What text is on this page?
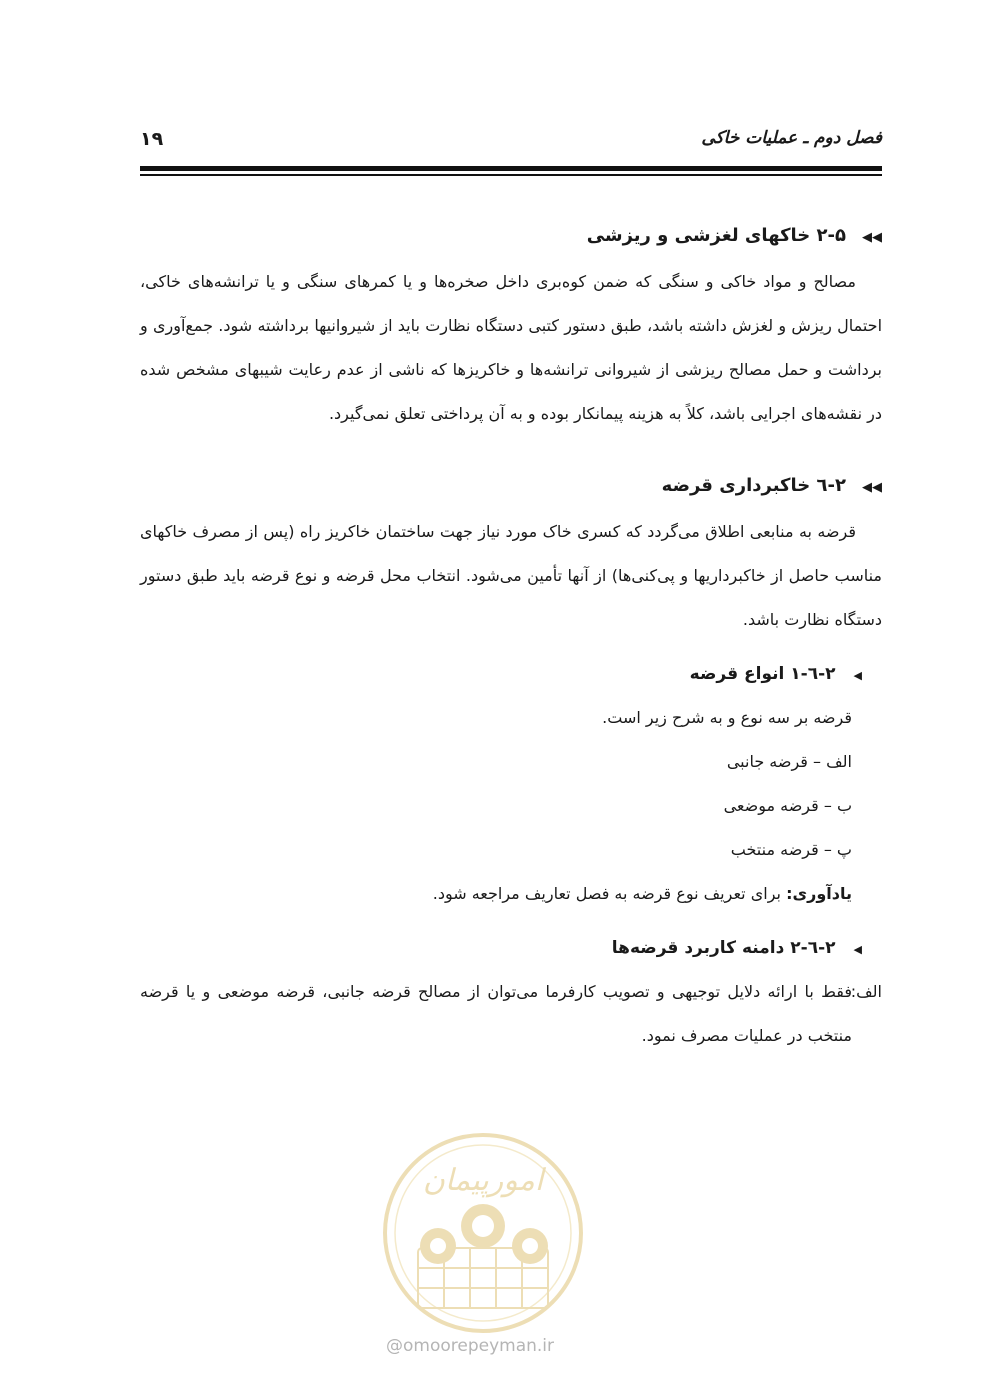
فصل دوم ـ عملیات خاکی
۱۹
◀◀۲-۵ خاکهای لغزشی و ریزشی

مصالح و مواد خاکی و سنگی که ضمن کوه‌بری داخل صخره‌ها و یا کمرهای سنگی و یا ترانشه‌های خاکی، احتمال ریزش و لغزش داشته باشد، طبق دستور کتبی دستگاه نظارت باید از شیروانیها برداشته شود. جمع‌آوری و برداشت و حمل مصالح ریزشی از شیروانی ترانشه‌ها و خاکریزها که ناشی از عدم رعایت شیبهای مشخص شده در نقشه‌های اجرایی باشد، کلاً به هزینه پیمانکار بوده و به آن پرداختی تعلق نمی‌گیرد.

◀◀۲-٦ خاکبرداری قرضه

قرضه به منابعی اطلاق می‌گردد که کسری خاک مورد نیاز جهت ساختمان خاکریز راه (پس از مصرف خاکهای مناسب حاصل از خاکبرداریها و پی‌کنی‌ها) از آنها تأمین می‌شود. انتخاب محل قرضه و نوع قرضه باید طبق دستور دستگاه نظارت باشد.

◀۲-٦-۱ انواع قرضه

قرضه بر سه نوع و به شرح زیر است.

الف – قرضه جانبی

ب – قرضه موضعی

پ – قرضه منتخب

یادآوری: برای تعریف نوع قرضه به فصل تعاریف مراجعه شود.

◀۲-٦-۲ دامنه کاربرد قرضه‌ها

الف:فقط با ارائه دلایل توجیهی و تصویب کارفرما می‌توان از مصالح قرضه جانبی، قرضه موضعی و یا قرضه منتخب در عملیات مصرف نمود.

امورپیمان
@omoorepeyman.ir
